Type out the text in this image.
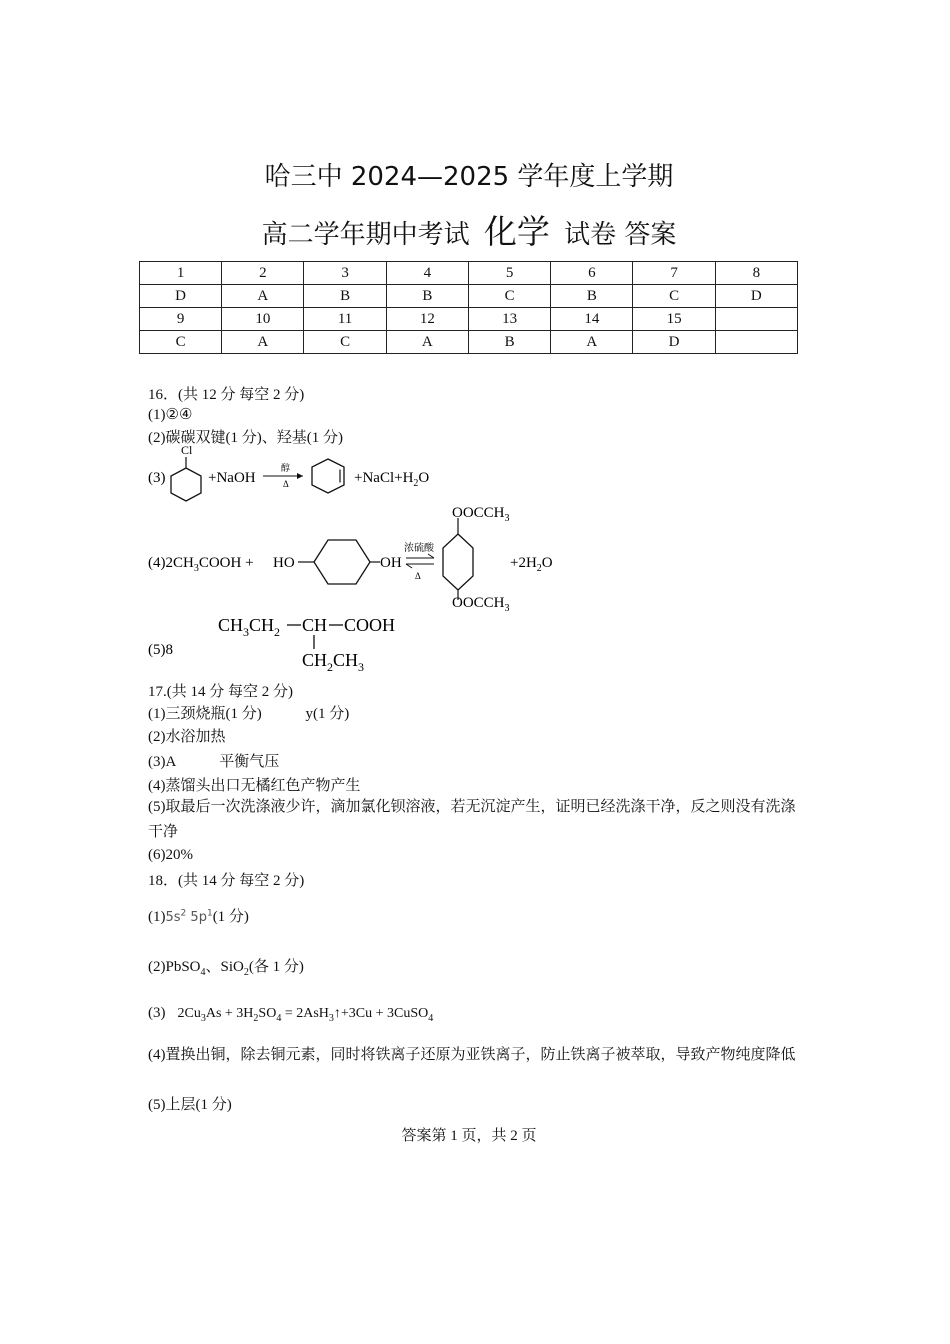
哈三中 2024—2025 学年度上学期
高二学年期中考试 化学 试卷 答案
1	2	3	4	5	6	7	8
D	A	B	B	C	B	C	D
9	10	11	12	13	14	15	
C	A	C	A	B	A	D	
16．(共 12 分 每空 2 分)
(1)②④
(2)碳碳双键(1 分)、羟基(1 分)
(3)
Cl
+NaOH
醇
Δ	$+NaCl+H_2O$
$(4)2CH_3COOH$ + HO	OH
浓硫酸
Δ
$OOCCH_3$
$OOCCH_3$
$+2H_2O$
(5)8
$CH_3CH_2$ CH COOH
$CH_2CH_3$
17.(共 14 分 每空 2 分)
(1)三颈烧瓶(1 分)	y(1 分)
(2)水浴加热
(3)A	平衡气压
(4)蒸馏头出口无橘红色产物产生
(5)取最后一次洗涤液少许，滴加氯化钡溶液，若无沉淀产生，证明已经洗涤干净，反之则没有洗涤干净
(6)20%
18．(共 14 分 每空 2 分)
$(1)5s^2$ $5p^1(1$ 分)
(2)PbSO$_4$、SiO$_2$(各 1 分)
(3) $2Cu_3As + 3H_2SO_4$ = 2AsH$_3$↑+3Cu + 3CuSO$_4$
(4)置换出铜，除去铜元素，同时将铁离子还原为亚铁离子，防止铁离子被萃取，导致产物纯度降低
(5)上层(1 分)
答案第 1 页，共 2 页
